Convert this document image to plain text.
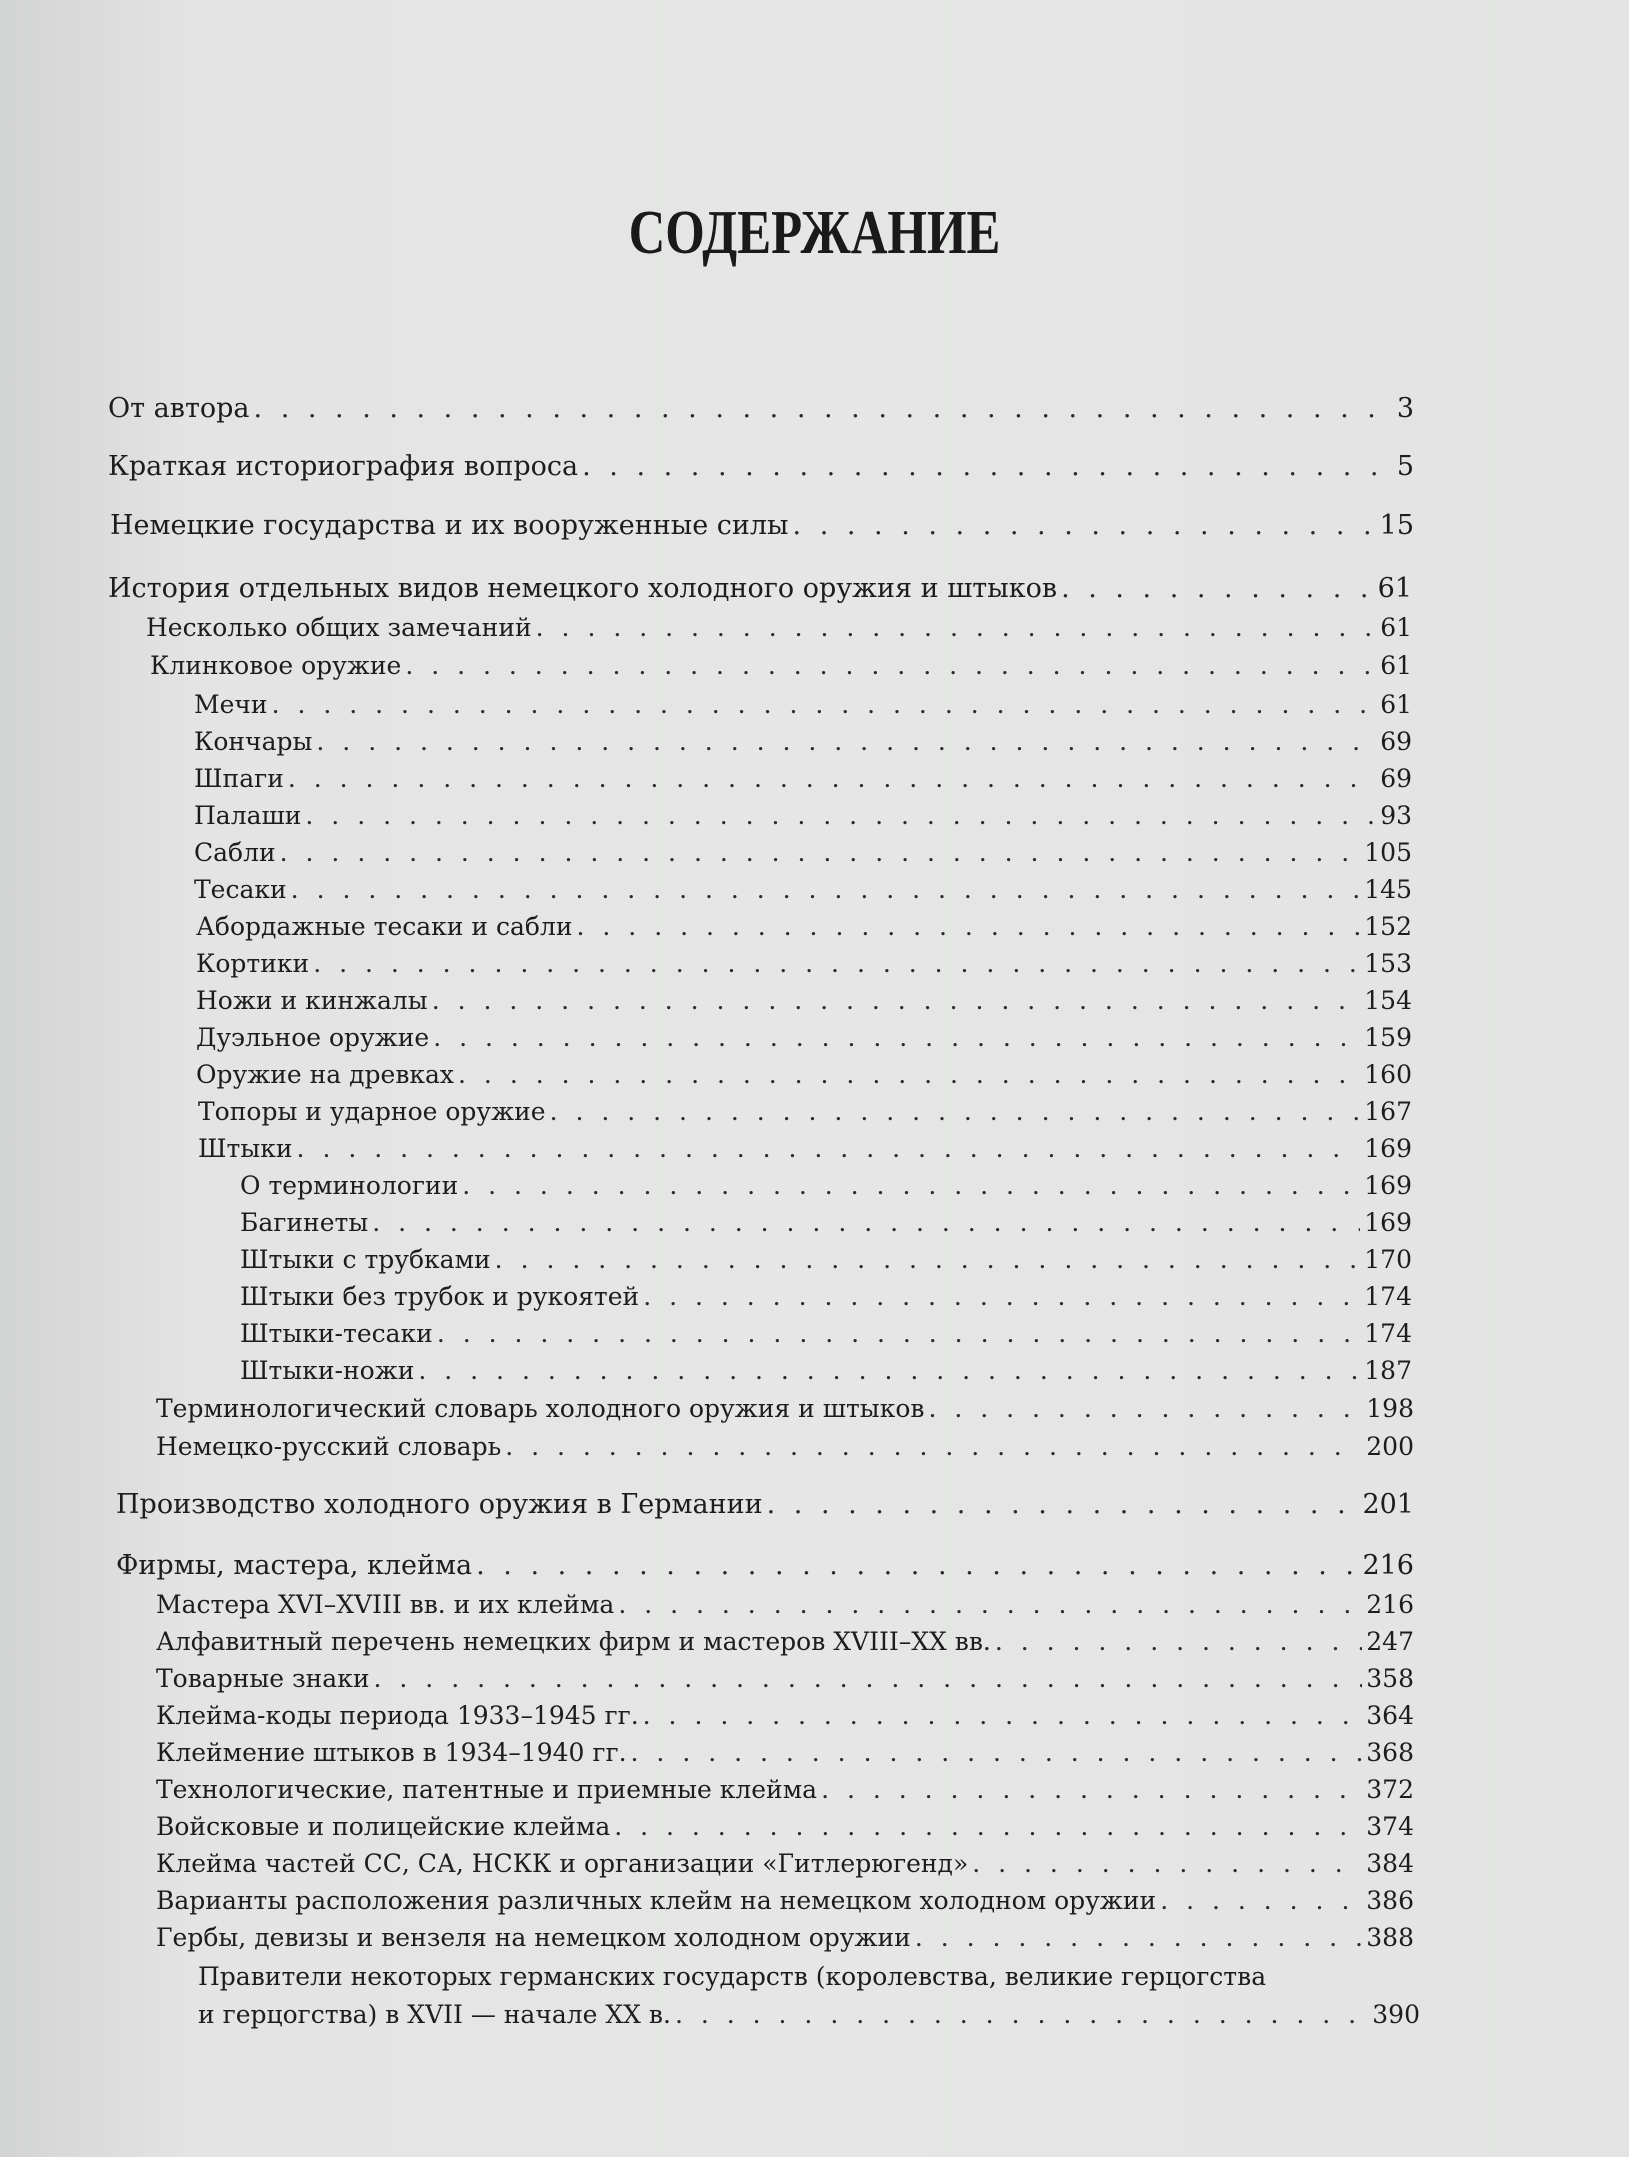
СОДЕРЖАНИЕ
От автора . . .	3
Краткая историография вопроса . . .	5
Немецкие государства и их вооруженные силы . . .	15
История отдельных видов немецкого холодного оружия и штыков . . .	61
Несколько общих замечаний . . .	61
Клинковое оружие . . .	61
Мечи . . .	61
Кончары . . .	69
Шпаги . . .	69
Палаши . . .	93
Сабли . . .	105
Тесаки . . .	145
Абордажные тесаки и сабли . . .	152
Кортики . . .	153
Ножи и кинжалы . . .	154
Дуэльное оружие . . .	159
Оружие на древках . . .	160
Топоры и ударное оружие . . .	167
Штыки . . .	169
О терминологии . . .	169
Багинеты . . .	169
Штыки с трубками . . .	170
Штыки без трубок и рукоятей . . .	174
Штыки-тесаки . . .	174
Штыки-ножи . . .	187
Терминологический словарь холодного оружия и штыков . . .	198
Немецко-русский словарь . . .	200
Производство холодного оружия в Германии . . .	201
Фирмы, мастера, клейма . . .	216
Мастера XVI–XVIII вв. и их клейма . . .	216
Алфавитный перечень немецких фирм и мастеров XVIII–XX вв. . . .	247
Товарные знаки . . .	358
Клейма-коды периода 1933–1945 гг. . . .	364
Клеймение штыков в 1934–1940 гг. . . .	368
Технологические, патентные и приемные клейма . . .	372
Войсковые и полицейские клейма . . .	374
Клейма частей СС, СА, НСКК и организации «Гитлерюгенд» . . .	384
Варианты расположения различных клейм на немецком холодном оружии . . .	386
Гербы, девизы и вензеля на немецком холодном оружии . . .	388
Правители некоторых германских государств (королевства, великие герцогства
и герцогства) в XVII — начале XX в. . . .	390
